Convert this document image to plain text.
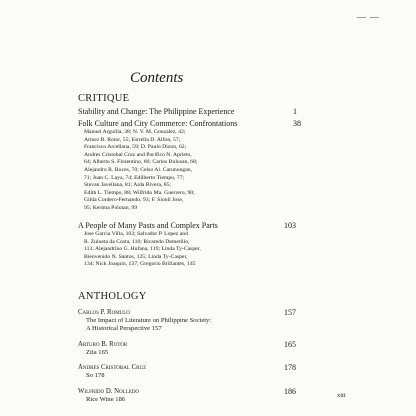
— —
Contents
CRITIQUE
Stability and Change: The Philippine Experience	1
Folk Culture and City Commerce: Confrontations	38
Manuel Arguilla, 38; N. V. M. Gonzalez, 42;
Arturo B. Rotor, 55; Estrella D. Alfon, 57;
Francisco Arcellana, 59; D. Paulo Dizon, 62;
Andres Cristobal Cruz and Pacifico N. Aprieto,
64; Alberto S. Florentino, 66; Carlos Bulosan, 68;
Alejandro R. Roces, 70; Celso Al. Carunungan,
71; Juan C. Laya, 74; Edilberto Tiempo, 77;
Stevan Javellana, 81; Aida Rivera, 85;
Edith L. Tiempo, 88; Wilfrido Ma. Guerrero, 90;
Gilda Cordero-Fernando, 93; F. Sionil Jose,
95; Kerima Polotan, 99
A People of Many Pasts and Complex Parts	103
Jose Garcia Villa, 103; Salvador P. Lopez and
R. Zulueta da Costa, 110; Ricaredo Demetillo,
113; Alejandrino G. Hufana, 119; Linda Ty-Casper,
Bienvenido N. Santos, 125; Linda Ty-Casper,
134; Nick Joaquin, 137; Gregorio Brillantes, 145
ANTHOLOGY
Carlos P. Romulo	157
The Impact of Literature on Philippine Society:
A Historical Perspective 157
Arturo B. Rotor	165
Zita 165
Andres Cristobal Cruz	178
So 178
Wilfrido D. Nolledo	186
Rice Wine 186
xiii
